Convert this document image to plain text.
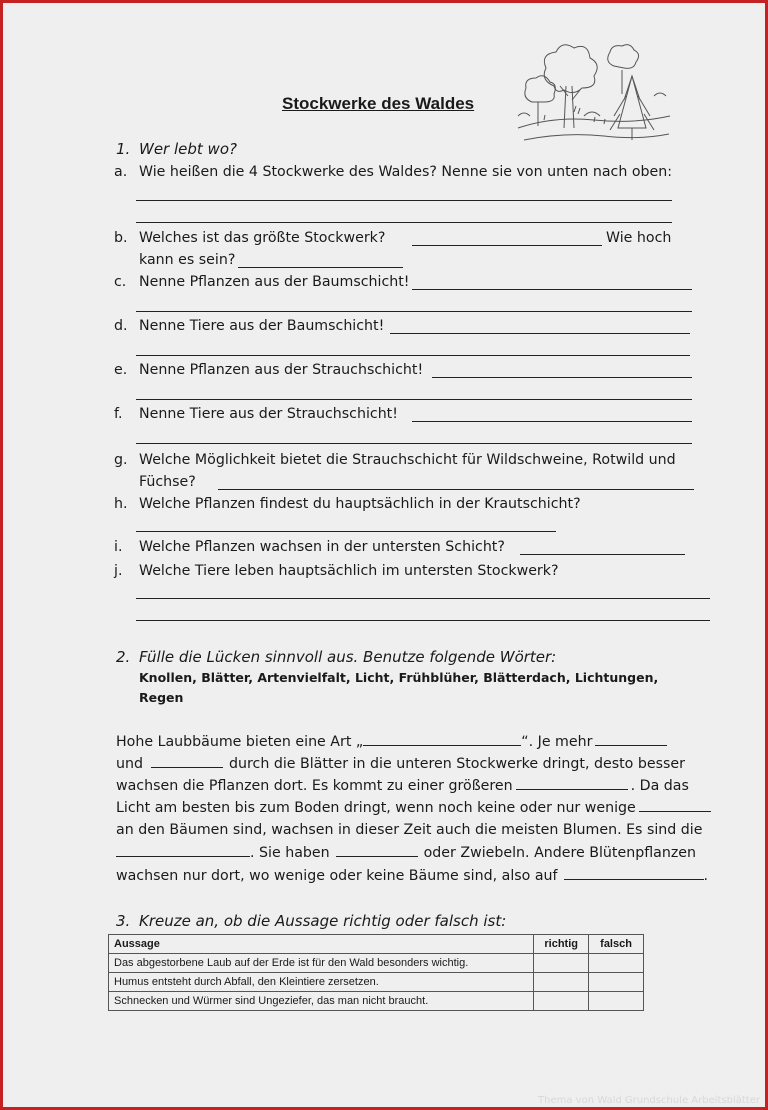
Stockwerke des Waldes
1. Wer lebt wo?
a. Wie heißen die 4 Stockwerke des Waldes? Nenne sie von unten nach oben:
b. Welches ist das größte Stockwerk?	Wie hoch
kann es sein?
c. Nenne Pflanzen aus der Baumschicht!
d. Nenne Tiere aus der Baumschicht!
e. Nenne Pflanzen aus der Strauchschicht!
f. Nenne Tiere aus der Strauchschicht!
g. Welche Möglichkeit bietet die Strauchschicht für Wildschweine, Rotwild und
Füchse?
h. Welche Pflanzen findest du hauptsächlich in der Krautschicht?
i. Welche Pflanzen wachsen in der untersten Schicht?
j. Welche Tiere leben hauptsächlich im untersten Stockwerk?
2. Fülle die Lücken sinnvoll aus. Benutze folgende Wörter:
Knollen, Blätter, Artenvielfalt, Licht, Frühblüher, Blätterdach, Lichtungen,
Regen
Hohe Laubbäume bieten eine Art „	“. Je mehr
und	durch die Blätter in die unteren Stockwerke dringt, desto besser
wachsen die Pflanzen dort. Es kommt zu einer größeren	. Da das
Licht am besten bis zum Boden dringt, wenn noch keine oder nur wenige
an den Bäumen sind, wachsen in dieser Zeit auch die meisten Blumen. Es sind die
. Sie haben	oder Zwiebeln. Andere Blütenpflanzen
wachsen nur dort, wo wenige oder keine Bäume sind, also auf	.
3. Kreuze an, ob die Aussage richtig oder falsch ist:
Aussage	richtig	falsch
Das abgestorbene Laub auf der Erde ist für den Wald besonders wichtig.		
Humus entsteht durch Abfall, den Kleintiere zersetzen.		
Schnecken und Würmer sind Ungeziefer, das man nicht braucht.		
Thema von Wald Grundschule Arbeitsblätter
